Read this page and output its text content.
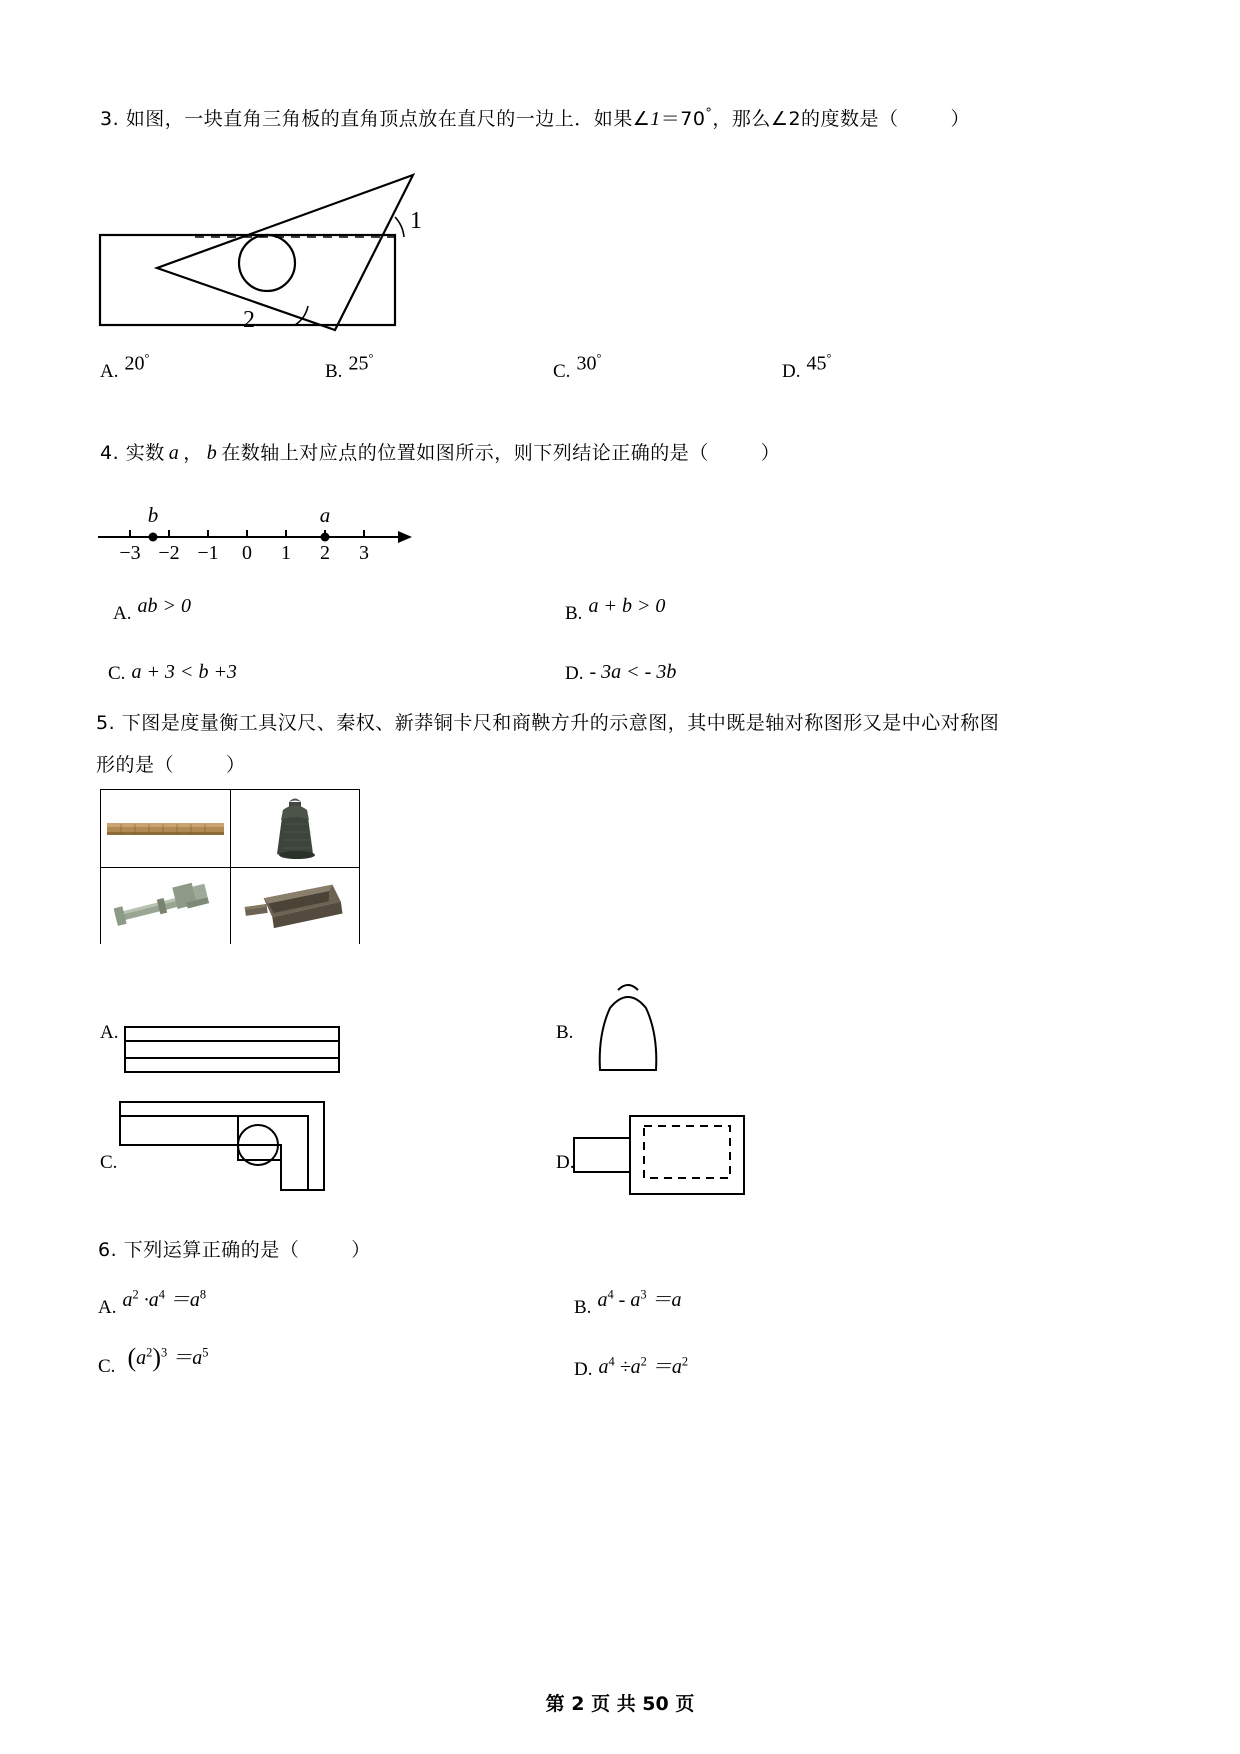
3. 如图，一块直角三角板的直角顶点放在直尺的一边上．如果∠1＝70°，那么∠2的度数是（	）
1
2
A. 20°
B. 25°
C. 30°
D. 45°
4. 实数 a ， b 在数轴上对应点的位置如图所示，则下列结论正确的是（	）
−3 −2 −1 0 1 2 3
b	a
A. ab > 0	B. a + b > 0
C. a + 3 < b +3	D. - 3a < - 3b
5. 下图是度量衡工具汉尺、秦权、新莽铜卡尺和商鞅方升的示意图，其中既是轴对称图形又是中心对称图
形的是（	）
A.	B.
C.	D.
6. 下列运算正确的是（	）
A. $a^2 \cdot a^4 =a^8$
B. $a^4 - a^3 =a$
C. $(a^2)^3 =a^5$
D. $a^4 \div a^2 =a^2$
第 2 页 共 50 页
